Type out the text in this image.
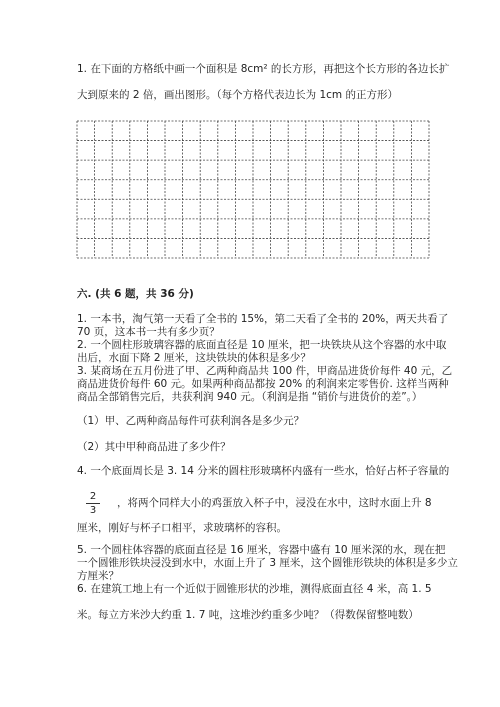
1. 在下面的方格纸中画一个面积是 8cm² 的长方形，再把这个长方形的各边长扩
大到原来的 2 倍，画出图形。（每个方格代表边长为 1cm 的正方形）
六. (共 6 题，共 36 分)
1. 一本书，淘气第一天看了全书的 15%，第二天看了全书的 20%，两天共看了
70 页，这本书一共有多少页？
2. 一个圆柱形玻璃容器的底面直径是 10 厘米，把一块铁块从这个容器的水中取
出后，水面下降 2 厘米，这块铁块的体积是多少？
3. 某商场在五月份进了甲、乙两种商品共 100 件，甲商品进货价每件 40 元，乙
商品进货价每件 60 元。如果两种商品都按 20% 的利润来定零售价. 这样当两种
商品全部销售完后，共获利润 940 元。（利润是指 “销价与进货价的差”。）
（1）甲、乙两种商品每件可获利润各是多少元？
（2）其中甲种商品进了多少件？
4. 一个底面周长是 3. 14 分米的圆柱形玻璃杯内盛有一些水，恰好占杯子容量的
2
3
，将两个同样大小的鸡蛋放入杯子中，浸没在水中，这时水面上升 8
厘米，刚好与杯子口相平，求玻璃杯的容积。
5. 一个圆柱体容器的底面直径是 16 厘米，容器中盛有 10 厘米深的水，现在把
一个圆锥形铁块浸没到水中，水面上升了 3 厘米，这个圆锥形铁块的体积是多少立
方厘米？
6. 在建筑工地上有一个近似于圆锥形状的沙堆，测得底面直径 4 米，高 1. 5
米。每立方米沙大约重 1. 7 吨，这堆沙约重多少吨？（得数保留整吨数）
